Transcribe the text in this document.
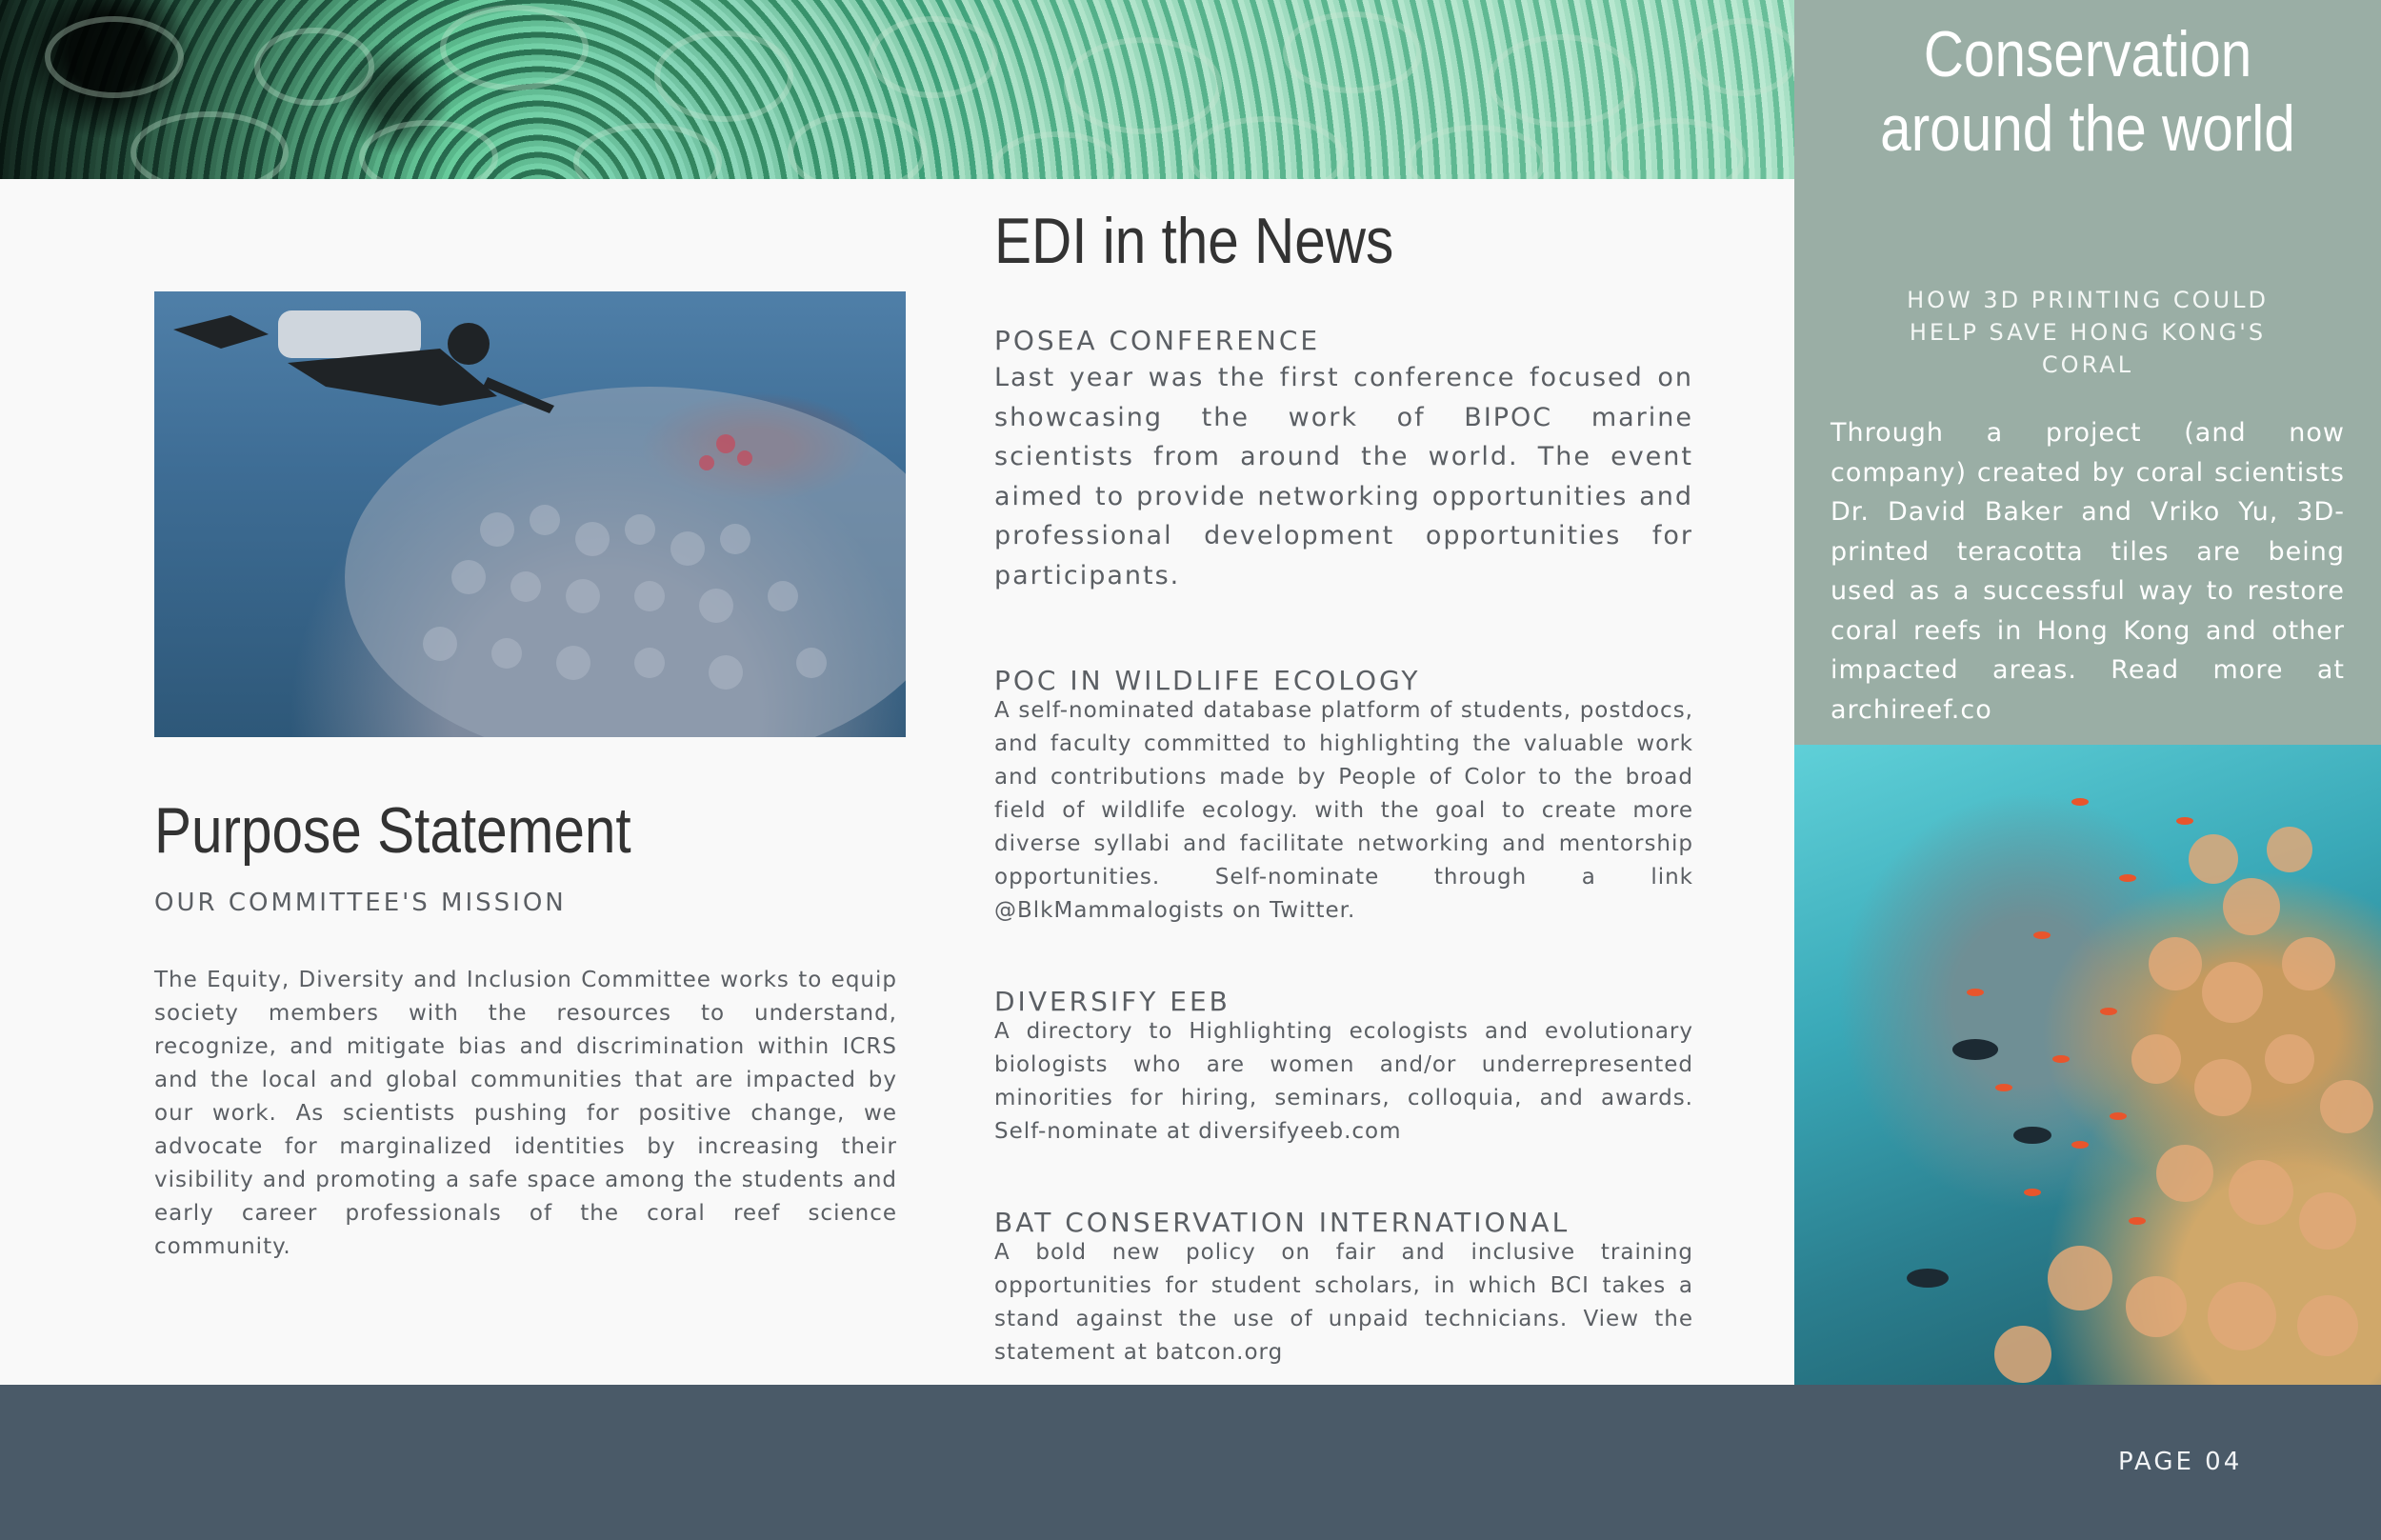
Conservation around the world
HOW 3D PRINTING COULD HELP SAVE HONG KONG'S CORAL
Through a project (and now company) created by coral scientists Dr. David Baker and Vriko Yu, 3D-printed teracotta tiles are being used as a successful way to restore coral reefs in Hong Kong and other impacted areas. Read more at archireef.co
EDI in the News
POSEA CONFERENCE
Last year was the first conference focused on showcasing the work of BIPOC marine scientists from around the world. The event aimed to provide networking opportunities and professional development opportunities for participants.
POC IN WILDLIFE ECOLOGY
A self-nominated database platform of students, postdocs, and faculty committed to highlighting the valuable work and contributions made by People of Color to the broad field of wildlife ecology. with the goal to create more diverse syllabi and facilitate networking and mentorship opportunities. Self-nominate through a link @BlkMammalogists on Twitter.
DIVERSIFY EEB
A directory to Highlighting ecologists and evolutionary biologists who are women and/or underrepresented minorities for hiring, seminars, colloquia, and awards. Self-nominate at diversifyeeb.com
BAT CONSERVATION INTERNATIONAL
A bold new policy on fair and inclusive training opportunities for student scholars, in which BCI takes a stand against the use of unpaid technicians. View the statement at batcon.org
Purpose Statement
OUR COMMITTEE'S MISSION
The Equity, Diversity and Inclusion Committee works to equip society members with the resources to understand, recognize, and mitigate bias and discrimination within ICRS and the local and global communities that are impacted by our work. As scientists pushing for positive change, we advocate for marginalized identities by increasing their visibility and promoting a safe space among the students and early career professionals of the coral reef science community.
PAGE 04
